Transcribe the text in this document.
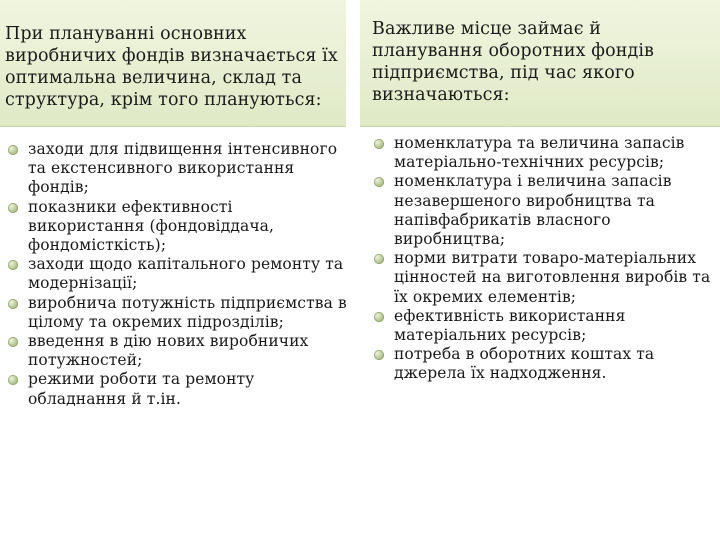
При плануванні основних виробничих фондів визначається їх оптимальна величина, склад та структура, крім того плануються:
заходи для підвищення інтенсивного та екстенсивного використання фондів;
показники ефективності використання (фондовіддача, фондомісткість);
заходи щодо капітального ремонту та модернізації;
виробнича потужність підприємства в цілому та окремих підрозділів;
введення в дію нових виробничих потужностей;
режими роботи та ремонту обладнання й т.ін.
Важливе місце займає й планування оборотних фондів підприємства, під час якого визначаються:
номенклатура та величина запасів матеріально-технічних ресурсів;
номенклатура і величина запасів незавершеного виробництва та напівфабрикатів власного виробництва;
норми витрати товаро-матеріальних цінностей на виготовлення виробів та їх окремих елементів;
ефективність використання матеріальних ресурсів;
потреба в оборотних коштах та джерела їх надходження.
